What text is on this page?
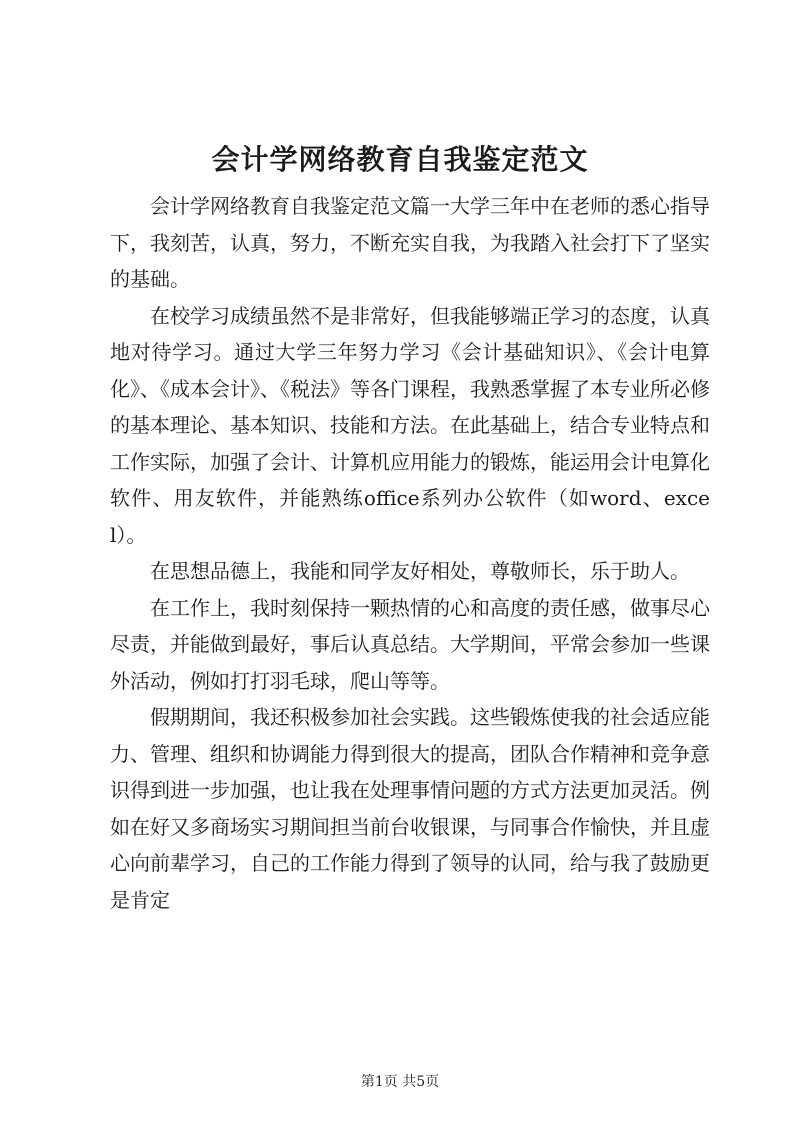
会计学网络教育自我鉴定范文

会计学网络教育自我鉴定范文篇一大学三年中在老师的悉心指导下，我刻苦，认真，努力，不断充实自我，为我踏入社会打下了坚实的基础。

在校学习成绩虽然不是非常好，但我能够端正学习的态度，认真地对待学习。通过大学三年努力学习《会计基础知识》、《会计电算化》、《成本会计》、《税法》等各门课程，我熟悉掌握了本专业所必修的基本理论、基本知识、技能和方法。在此基础上，结合专业特点和工作实际，加强了会计、计算机应用能力的锻炼，能运用会计电算化软件、用友软件，并能熟练office系列办公软件（如word、excel）。

在思想品德上，我能和同学友好相处，尊敬师长，乐于助人。

在工作上，我时刻保持一颗热情的心和高度的责任感，做事尽心尽责，并能做到最好，事后认真总结。大学期间，平常会参加一些课外活动，例如打打羽毛球，爬山等等。

假期期间，我还积极参加社会实践。这些锻炼使我的社会适应能力、管理、组织和协调能力得到很大的提高，团队合作精神和竞争意识得到进一步加强，也让我在处理事情问题的方式方法更加灵活。例如在好又多商场实习期间担当前台收银课，与同事合作愉快，并且虚心向前辈学习，自己的工作能力得到了领导的认同，给与我了鼓励更是肯定

第1页 共5页
